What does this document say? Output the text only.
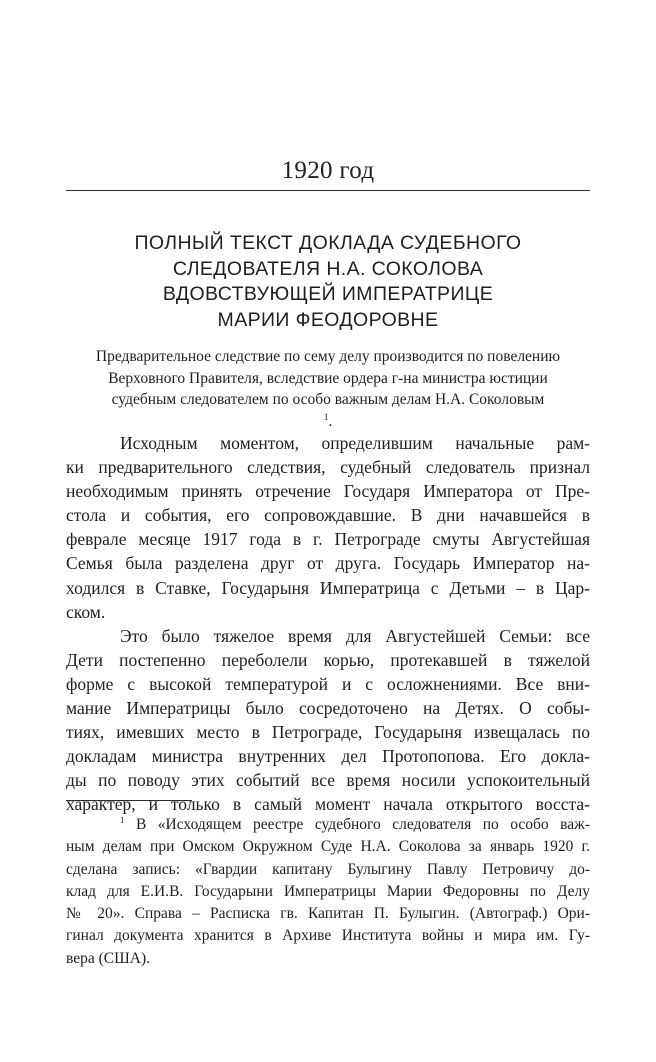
1920 год
ПОЛНЫЙ ТЕКСТ ДОКЛАДА СУДЕБНОГО
СЛЕДОВАТЕЛЯ Н.А. СОКОЛОВА
ВДОВСТВУЮЩЕЙ ИМПЕРАТРИЦЕ
МАРИИ ФЕОДОРОВНЕ
Предварительное следствие по сему делу производится по повелению
Верховного Правителя, вследствие ордера г-на министра юстиции
судебным следователем по особо важным делам Н.А. Соколовым
$^1$.
Исходным моментом, определившим начальные рам-
ки предварительного следствия, судебный следователь признал
необходимым принять отречение Государя Императора от Пре-
стола и события, его сопровождавшие. В дни начавшейся в
феврале месяце 1917 года в г. Петрограде смуты Августейшая
Семья была разделена друг от друга. Государь Император на-
ходился в Ставке, Государыня Императрица с Детьми – в Цар-
ском.
Это было тяжелое время для Августейшей Семьи: все
Дети постепенно переболели корью, протекавшей в тяжелой
форме с высокой температурой и с осложнениями. Все вни-
мание Императрицы было сосредоточено на Детях. О собы-
тиях, имевших место в Петрограде, Государыня извещалась по
докладам министра внутренних дел Протопопова. Его докла-
ды по поводу этих событий все время носили успокоительный
характер, и только в самый момент начала открытого восста-
$^1$ В «Исходящем реестре судебного следователя по особо важ-
ным делам при Омском Окружном Суде Н.А. Соколова за январь 1920 г.
сделана запись: «Гвардии капитану Булыгину Павлу Петровичу до-
клад для Е.И.В. Государыни Императрицы Марии Федоровны по Делу
№ 20». Справа – Расписка гв. Капитан П. Булыгин. (Автограф.) Ори-
гинал документа хранится в Архиве Института войны и мира им. Гу-
вера (США).
